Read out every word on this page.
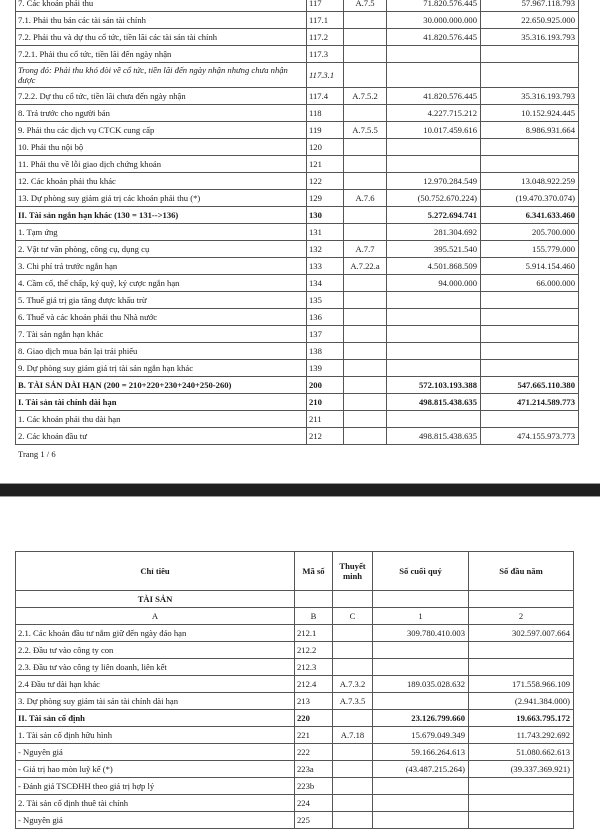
7. Các khoản phải thu	117	A.7.5	71.820.576.445	57.967.118.793
7.1. Phải thu bán các tài sản tài chính	117.1		30.000.000.000	22.650.925.000
7.2. Phải thu và dự thu cổ tức, tiền lãi các tài sản tài chính	117.2		41.820.576.445	35.316.193.793
7.2.1. Phải thu cổ tức, tiền lãi đến ngày nhận	117.3			
Trong đó: Phải thu khó đòi về cổ tức, tiền lãi đến ngày nhận nhưng chưa nhận được	117.3.1			
7.2.2. Dự thu cổ tức, tiền lãi chưa đến ngày nhận	117.4	A.7.5.2	41.820.576.445	35.316.193.793
8. Trả trước cho người bán	118		4.227.715.212	10.152.924.445
9. Phải thu các dịch vụ CTCK cung cấp	119	A.7.5.5	10.017.459.616	8.986.931.664
10. Phải thu nội bộ	120			
11. Phải thu về lỗi giao dịch chứng khoán	121			
12. Các khoản phải thu khác	122		12.970.284.549	13.048.922.259
13. Dự phòng suy giảm giá trị các khoản phải thu (*)	129	A.7.6	(50.752.670.224)	(19.470.370.074)
II. Tài sản ngắn hạn khác (130 = 131-->136)	130		5.272.694.741	6.341.633.460
1. Tạm ứng	131		281.304.692	205.700.000
2. Vật tư văn phòng, công cụ, dụng cụ	132	A.7.7	395.521.540	155.779.000
3. Chi phí trả trước ngắn hạn	133	A.7.22.a	4.501.868.509	5.914.154.460
4. Cầm cố, thế chấp, ký quỹ, ký cược ngắn hạn	134		94.000.000	66.000.000
5. Thuế giá trị gia tăng được khấu trừ	135			
6. Thuế và các khoản phải thu Nhà nước	136			
7. Tài sản ngắn hạn khác	137			
8. Giao dịch mua bán lại trái phiếu	138			
9. Dự phòng suy giảm giá trị tài sản ngắn hạn khác	139			
B. TÀI SẢN DÀI HẠN (200 = 210+220+230+240+250-260)	200		572.103.193.388	547.665.110.380
I. Tài sản tài chính dài hạn	210		498.815.438.635	471.214.589.773
1. Các khoản phải thu dài hạn	211			
2. Các khoản đầu tư	212		498.815.438.635	474.155.973.773
Trang 1 / 6
Chỉ tiêu	Mã số	Thuyết minh	Số cuối quý	Số đầu năm
TÀI SẢN				
A	B	C	1	2
2.1. Các khoản đầu tư nắm giữ đến ngày đáo hạn	212.1		309.780.410.003	302.597.007.664
2.2. Đầu tư vào công ty con	212.2			
2.3. Đầu tư vào công ty liên doanh, liên kết	212.3			
2.4 Đầu tư dài hạn khác	212.4	A.7.3.2	189.035.028.632	171.558.966.109
3. Dự phòng suy giảm tài sản tài chính dài hạn	213	A.7.3.5		(2.941.384.000)
II. Tài sản cố định	220		23.126.799.660	19.663.795.172
1. Tài sản cố định hữu hình	221	A.7.18	15.679.049.349	11.743.292.692
- Nguyên giá	222		59.166.264.613	51.080.662.613
- Giá trị hao mòn luỹ kế (*)	223a		(43.487.215.264)	(39.337.369.921)
- Đánh giá TSCĐHH theo giá trị hợp lý	223b			
2. Tài sản cố định thuê tài chính	224			
- Nguyên giá	225			
